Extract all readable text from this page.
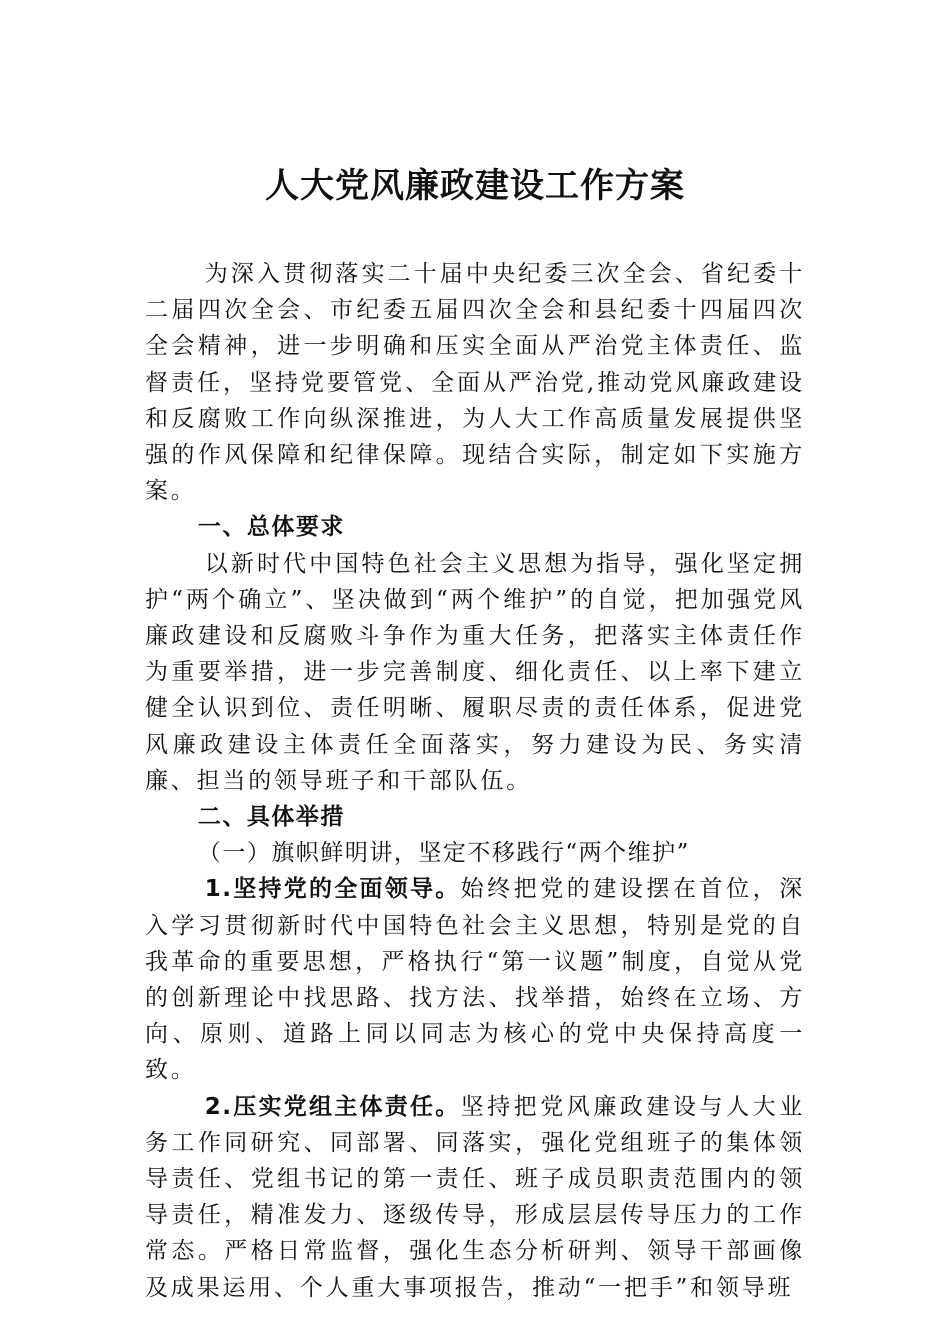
人大党风廉政建设工作方案

为深入贯彻落实二十届中央纪委三次全会、省纪委十二届四次全会、市纪委五届四次全会和县纪委十四届四次全会精神，进一步明确和压实全面从严治党主体责任、监督责任，坚持党要管党、全面从严治党,推动党风廉政建设和反腐败工作向纵深推进，为人大工作高质量发展提供坚强的作风保障和纪律保障。现结合实际，制定如下实施方案。

一、总体要求

以新时代中国特色社会主义思想为指导，强化坚定拥护“两个确立”、坚决做到“两个维护”的自觉，把加强党风廉政建设和反腐败斗争作为重大任务，把落实主体责任作为重要举措，进一步完善制度、细化责任、以上率下建立健全认识到位、责任明晰、履职尽责的责任体系，促进党风廉政建设主体责任全面落实，努力建设为民、务实清廉、担当的领导班子和干部队伍。

二、具体举措
（一）旗帜鲜明讲，坚定不移践行“两个维护”

1.坚持党的全面领导。始终把党的建设摆在首位，深入学习贯彻新时代中国特色社会主义思想，特别是党的自我革命的重要思想，严格执行“第一议题”制度，自觉从党的创新理论中找思路、找方法、找举措，始终在立场、方向、原则、道路上同以同志为核心的党中央保持高度一致。

2.压实党组主体责任。坚持把党风廉政建设与人大业务工作同研究、同部署、同落实，强化党组班子的集体领导责任、党组书记的第一责任、班子成员职责范围内的领导责任，精准发力、逐级传导，形成层层传导压力的工作常态。严格日常监督，强化生态分析研判、领导干部画像及成果运用、个人重大事项报告，推动“一把手”和领导班
